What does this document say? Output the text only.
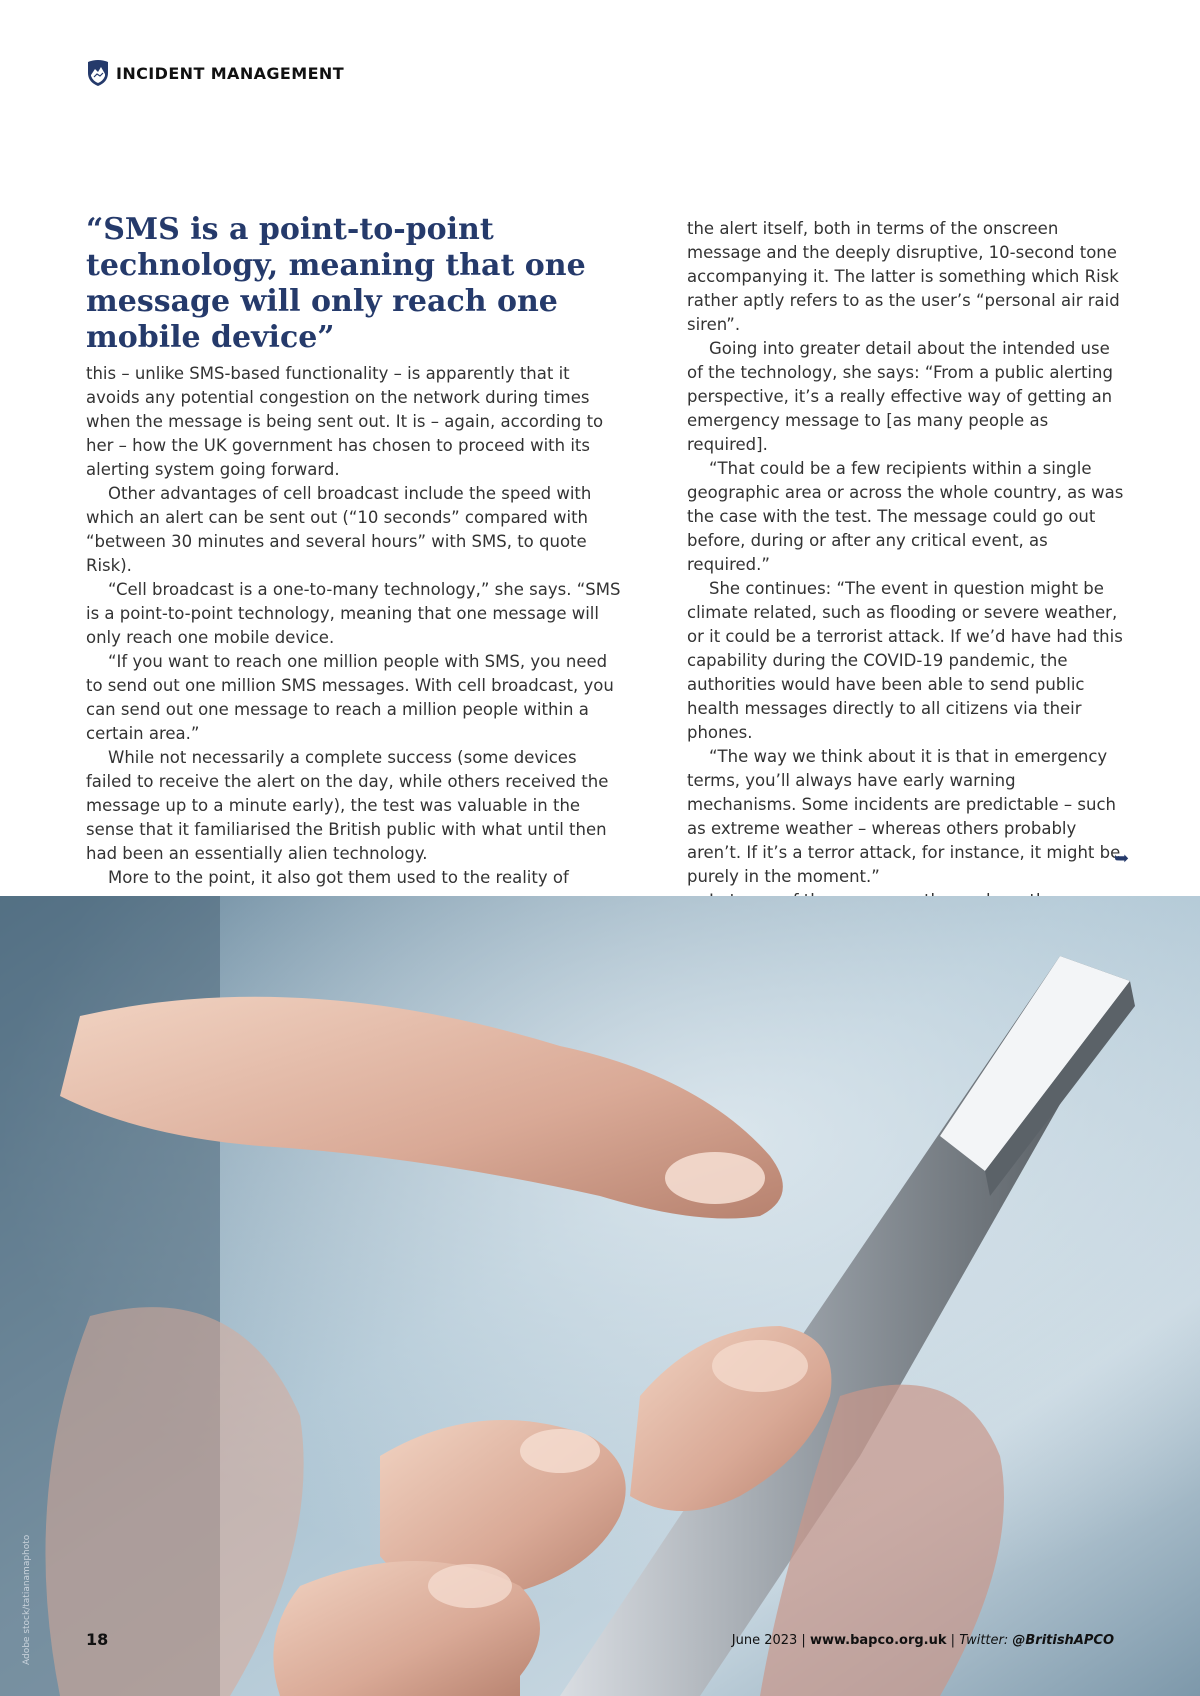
INCIDENT MANAGEMENT
“SMS is a point-to-point technology, meaning that one message will only reach one mobile device”

this – unlike SMS-based functionality – is apparently that it avoids any potential congestion on the network during times when the message is being sent out. It is – again, according to her – how the UK government has chosen to proceed with its alerting system going forward.

Other advantages of cell broadcast include the speed with which an alert can be sent out (“10 seconds” compared with “between 30 minutes and several hours” with SMS, to quote Risk).

“Cell broadcast is a one-to-many technology,” she says. “SMS is a point-to-point technology, meaning that one message will only reach one mobile device.

“If you want to reach one million people with SMS, you need to send out one million SMS messages. With cell broadcast, you can send out one message to reach a million people within a certain area.”

While not necessarily a complete success (some devices failed to receive the alert on the day, while others received the message up to a minute early), the test was valuable in the sense that it familiarised the British public with what until then had been an essentially alien technology.

More to the point, it also got them used to the reality of

the alert itself, both in terms of the onscreen message and the deeply disruptive, 10-second tone accompanying it. The latter is something which Risk rather aptly refers to as the user’s “personal air raid siren”.

Going into greater detail about the intended use of the technology, she says: “From a public alerting perspective, it’s a really effective way of getting an emergency message to [as many people as required].

“That could be a few recipients within a single geographic area or across the whole country, as was the case with the test. The message could go out before, during or after any critical event, as required.”

She continues: “The event in question might be climate related, such as flooding or severe weather, or it could be a terrorist attack. If we’d have had this capability during the COVID-19 pandemic, the authorities would have been able to send public health messages directly to all citizens via their phones.

“The way we think about it is that in emergency terms, you’ll always have early warning mechanisms. Some incidents are predictable – such as extreme weather – whereas others probably aren’t. If it’s a terror attack, for instance, it might be purely in the moment.”

➥
Adobe stock/tatianamaphoto	18	June 2023 | www.bapco.org.uk | Twitter: @BritishAPCO
